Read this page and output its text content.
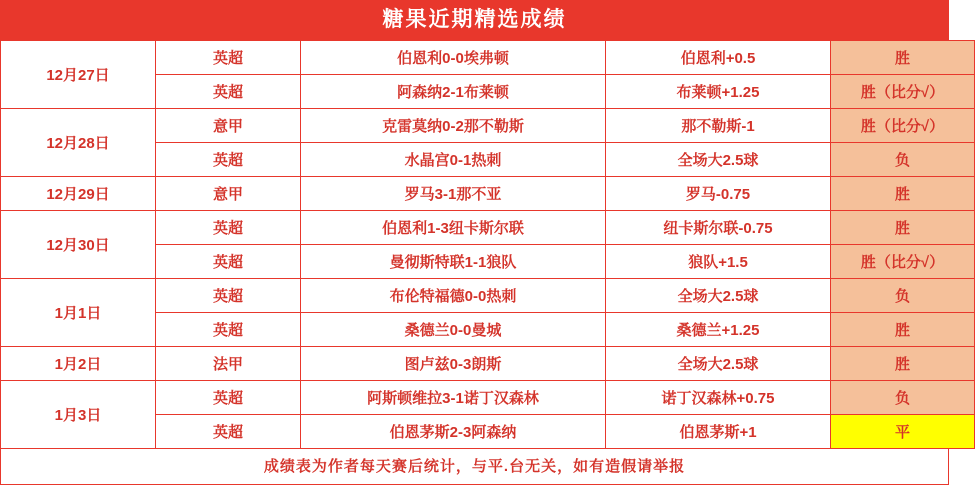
糖果近期精选成绩
12月27日	英超	伯恩利0-0埃弗顿	伯恩利+0.5	胜
	英超	阿森纳2-1布莱顿	布莱顿+1.25	胜（比分√）
12月28日	意甲	克雷莫纳0-2那不勒斯	那不勒斯-1	胜（比分√）
	英超	水晶宫0-1热刺	全场大2.5球	负
12月29日	意甲	罗马3-1那不亚	罗马-0.75	胜
12月30日	英超	伯恩利1-3纽卡斯尔联	纽卡斯尔联-0.75	胜
	英超	曼彻斯特联1-1狼队	狼队+1.5	胜（比分√）
1月1日	英超	布伦特福德0-0热刺	全场大2.5球	负
	英超	桑德兰0-0曼城	桑德兰+1.25	胜
1月2日	法甲	图卢兹0-3朗斯	全场大2.5球	胜
1月3日	英超	阿斯顿维拉3-1诺丁汉森林	诺丁汉森林+0.75	负
	英超	伯恩茅斯2-3阿森纳	伯恩茅斯+1	平
成绩表为作者每天赛后统计，与平.台无关，如有造假请举报
